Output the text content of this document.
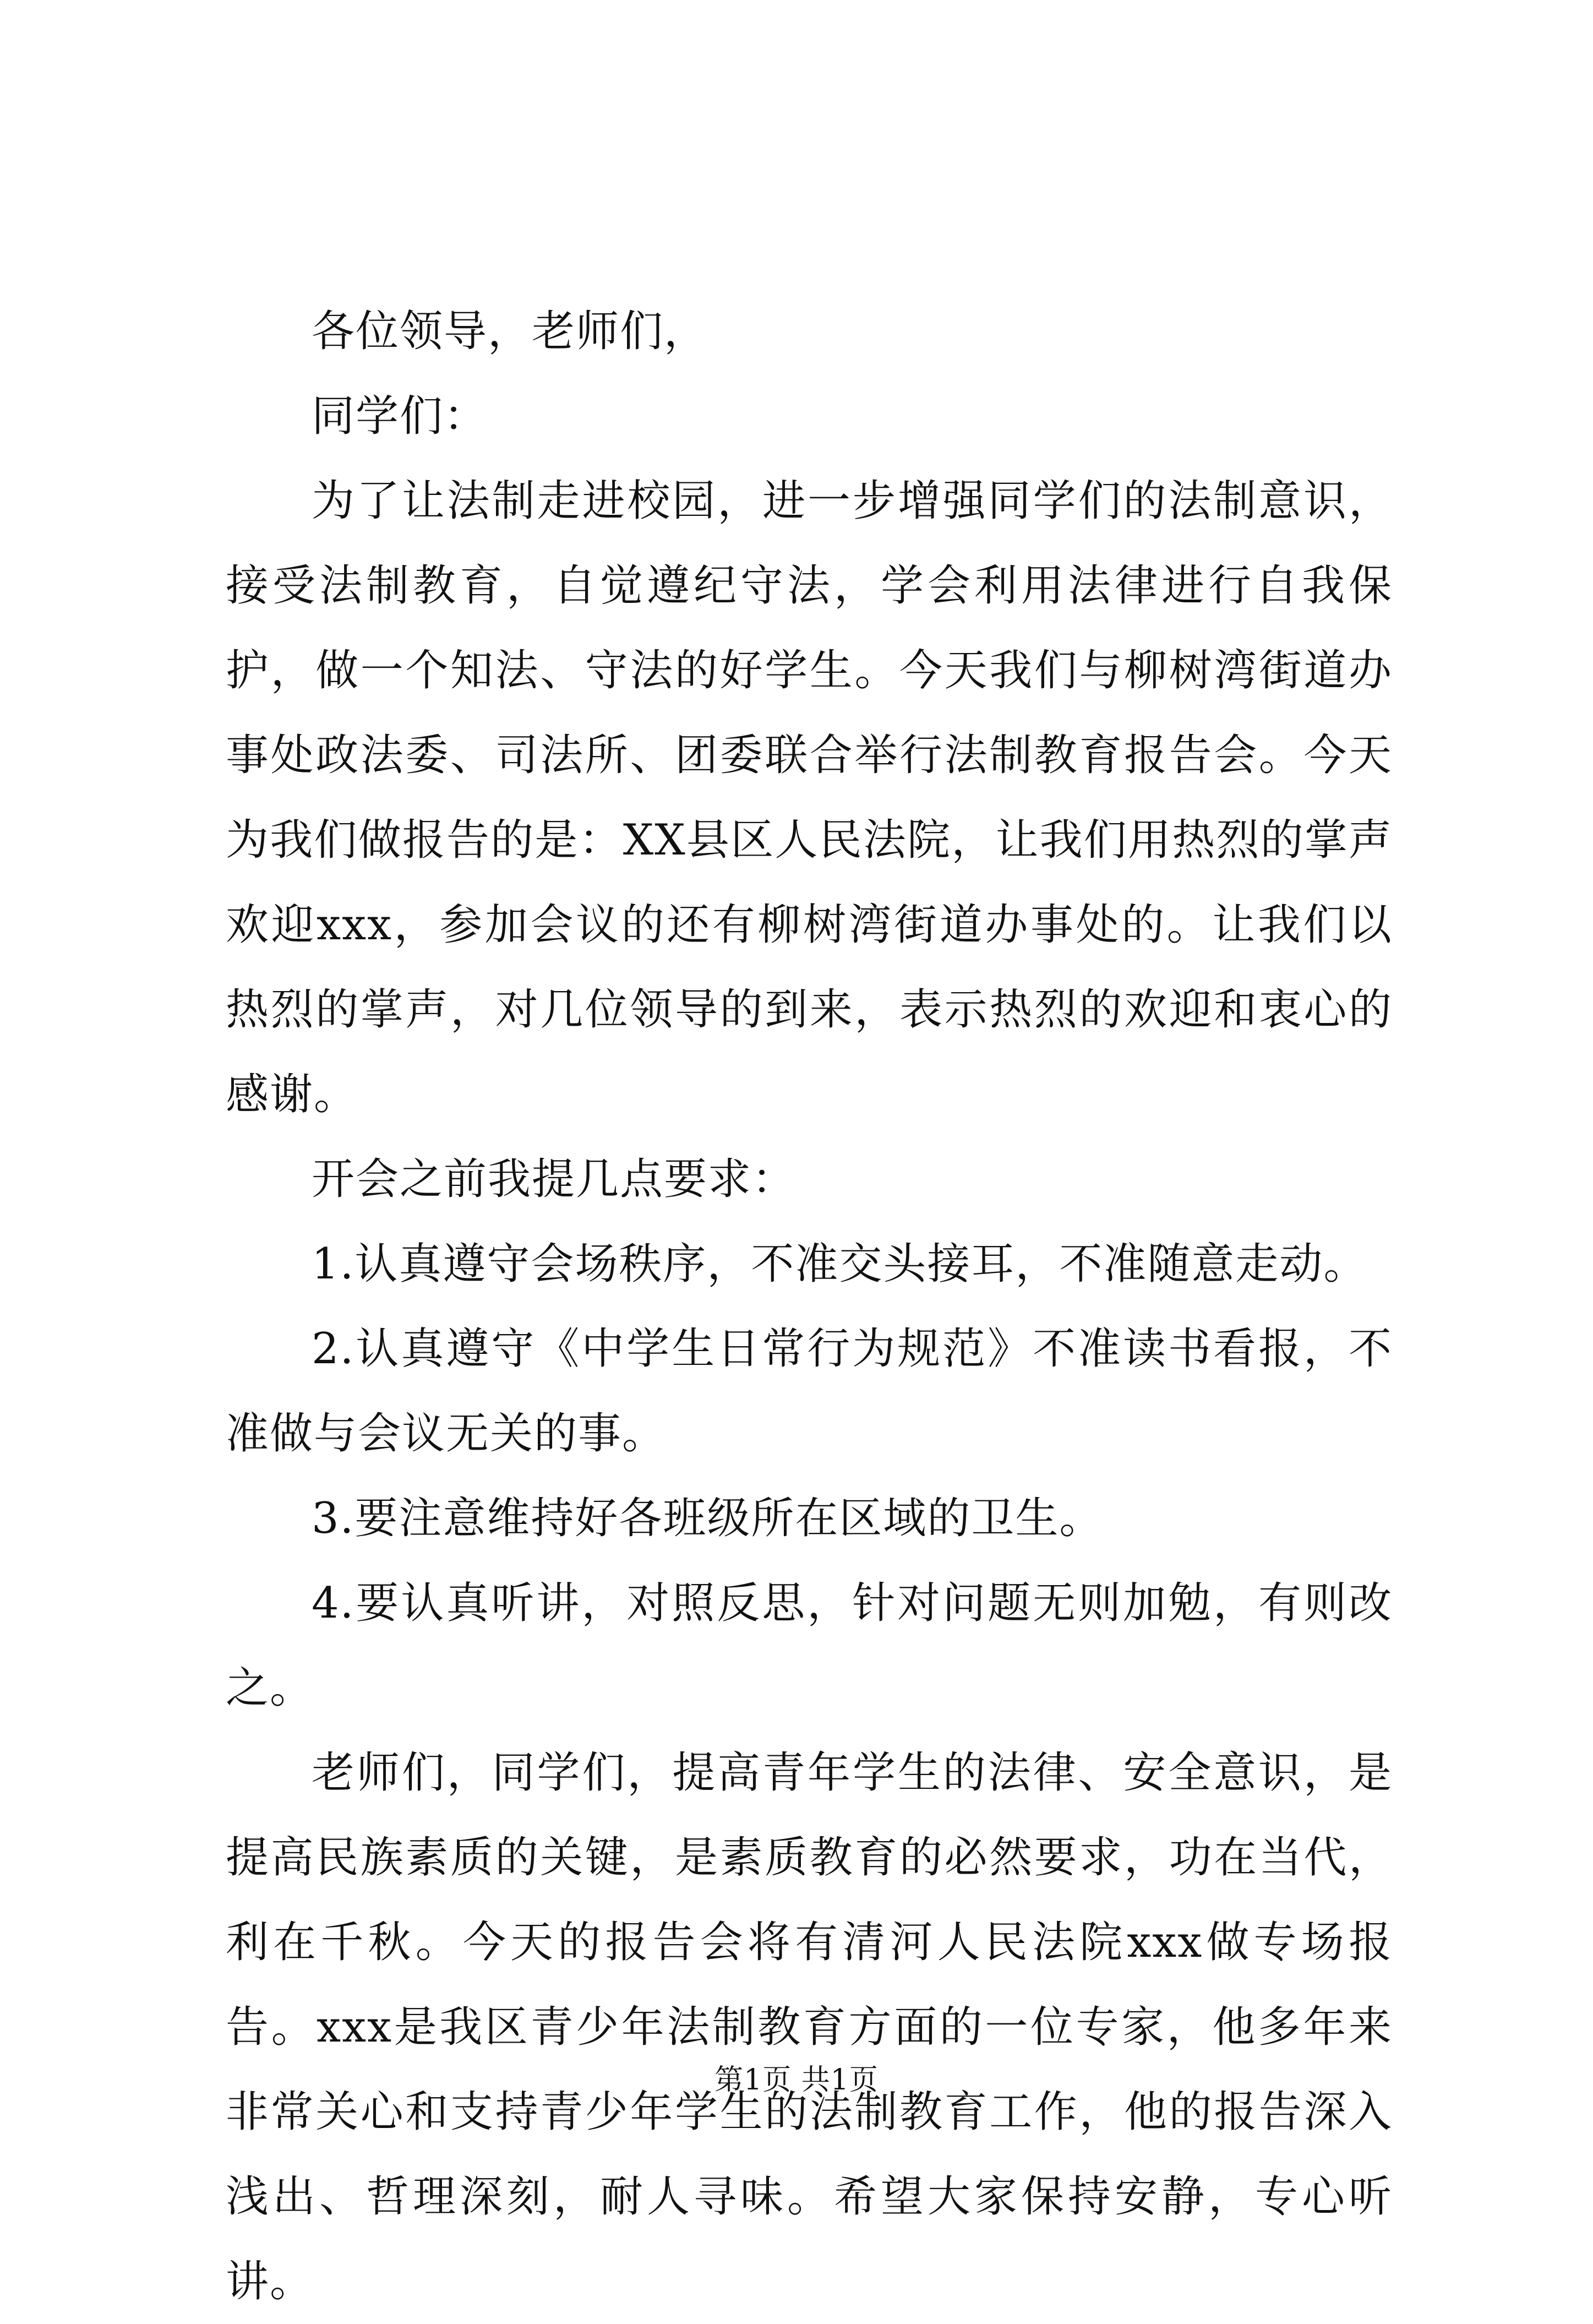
各位领导，老师们，

同学们：

为了让法制走进校园，进一步增强同学们的法制意识，接受法制教育，自觉遵纪守法，学会利用法律进行自我保护，做一个知法、守法的好学生。今天我们与柳树湾街道办事处政法委、司法所、团委联合举行法制教育报告会。今天为我们做报告的是：XX县区人民法院，让我们用热烈的掌声欢迎xxx，参加会议的还有柳树湾街道办事处的。让我们以热烈的掌声，对几位领导的到来，表示热烈的欢迎和衷心的感谢。

开会之前我提几点要求：

1.认真遵守会场秩序，不准交头接耳，不准随意走动。

2.认真遵守《中学生日常行为规范》不准读书看报，不准做与会议无关的事。

3.要注意维持好各班级所在区域的卫生。

4.要认真听讲，对照反思，针对问题无则加勉，有则改之。

老师们，同学们，提高青年学生的法律、安全意识，是提高民族素质的关键，是素质教育的必然要求，功在当代，利在千秋。今天的报告会将有清河人民法院xxx做专场报告。xxx是我区青少年法制教育方面的一位专家，他多年来非常关心和支持青少年学生的法制教育工作，他的报告深入浅出、哲理深刻，耐人寻味。希望大家保持安静，专心听讲。

第1页 共1页
